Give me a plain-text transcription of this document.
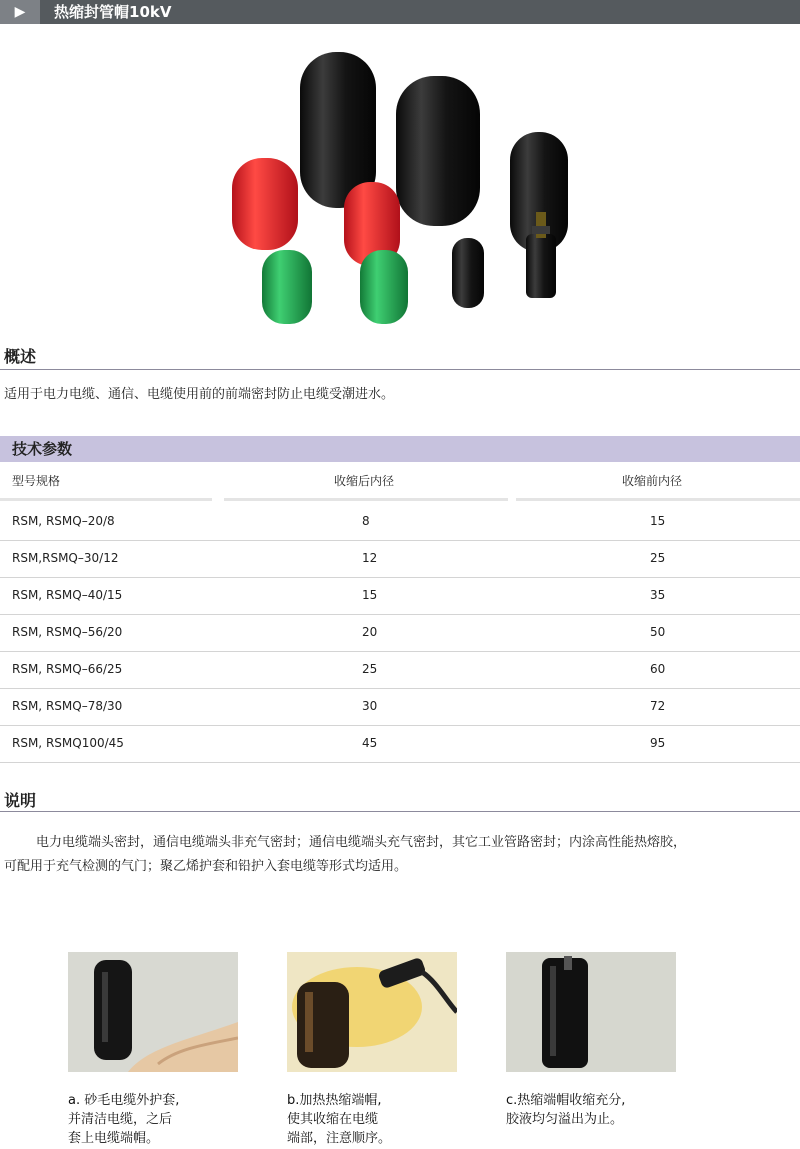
▶	热缩封管帽10kV
概述
适用于电力电缆、通信、电缆使用前的前端密封防止电缆受潮进水。
技术参数
型号规格	收缩后内径	收缩前内径
RSM, RSMQ–20/8	8	15
RSM,RSMQ–30/12	12	25
RSM, RSMQ–40/15	15	35
RSM, RSMQ–56/20	20	50
RSM, RSMQ–66/25	25	60
RSM, RSMQ–78/30	30	72
RSM, RSMQ100/45	45	95
说明
电力电缆端头密封，通信电缆端头非充气密封；通信电缆端头充气密封，其它工业管路密封；内涂高性能热熔胶，
可配用于充气检测的气门；聚乙烯护套和铅护入套电缆等形式均适用。
a. 砂毛电缆外护套,
并清洁电缆，之后
套上电缆端帽。
b.加热热缩端帽,
使其收缩在电缆
端部，注意顺序。
c.热缩端帽收缩充分,
胶液均匀溢出为止。
